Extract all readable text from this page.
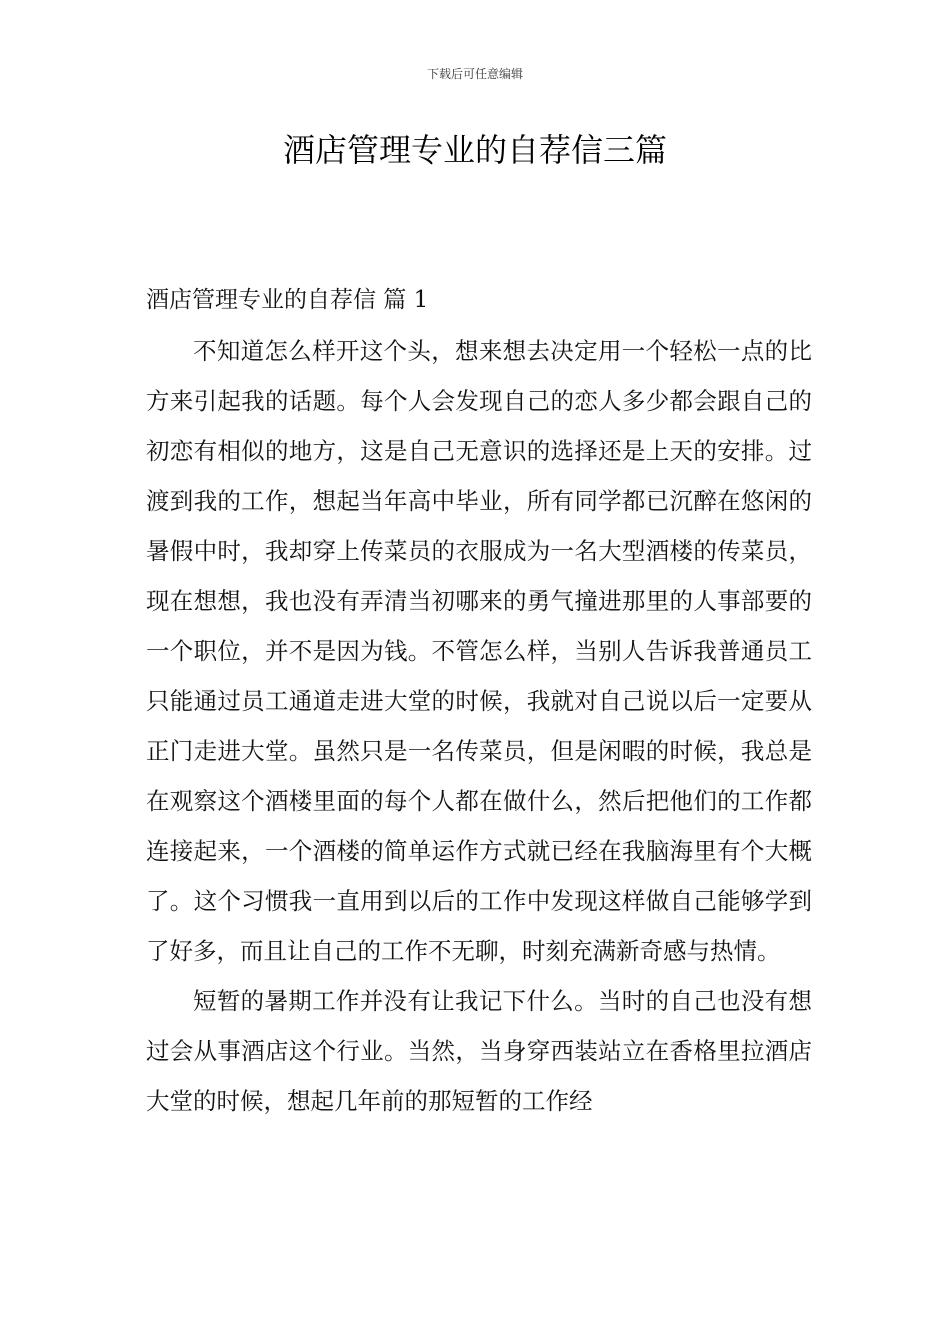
下载后可任意编辑
酒店管理专业的自荐信三篇
酒店管理专业的自荐信 篇 1

不知道怎么样开这个头，想来想去决定用一个轻松一点的比方来引起我的话题。每个人会发现自己的恋人多少都会跟自己的初恋有相似的地方，这是自己无意识的选择还是上天的安排。过渡到我的工作，想起当年高中毕业，所有同学都已沉醉在悠闲的暑假中时，我却穿上传菜员的衣服成为一名大型酒楼的传菜员，现在想想，我也没有弄清当初哪来的勇气撞进那里的人事部要的一个职位，并不是因为钱。不管怎么样，当别人告诉我普通员工只能通过员工通道走进大堂的时候，我就对自己说以后一定要从正门走进大堂。虽然只是一名传菜员，但是闲暇的时候，我总是在观察这个酒楼里面的每个人都在做什么，然后把他们的工作都连接起来，一个酒楼的简单运作方式就已经在我脑海里有个大概了。这个习惯我一直用到以后的工作中发现这样做自己能够学到了好多，而且让自己的工作不无聊，时刻充满新奇感与热情。

短暂的暑期工作并没有让我记下什么。当时的自己也没有想过会从事酒店这个行业。当然，当身穿西装站立在香格里拉酒店大堂的时候，想起几年前的那短暂的工作经
